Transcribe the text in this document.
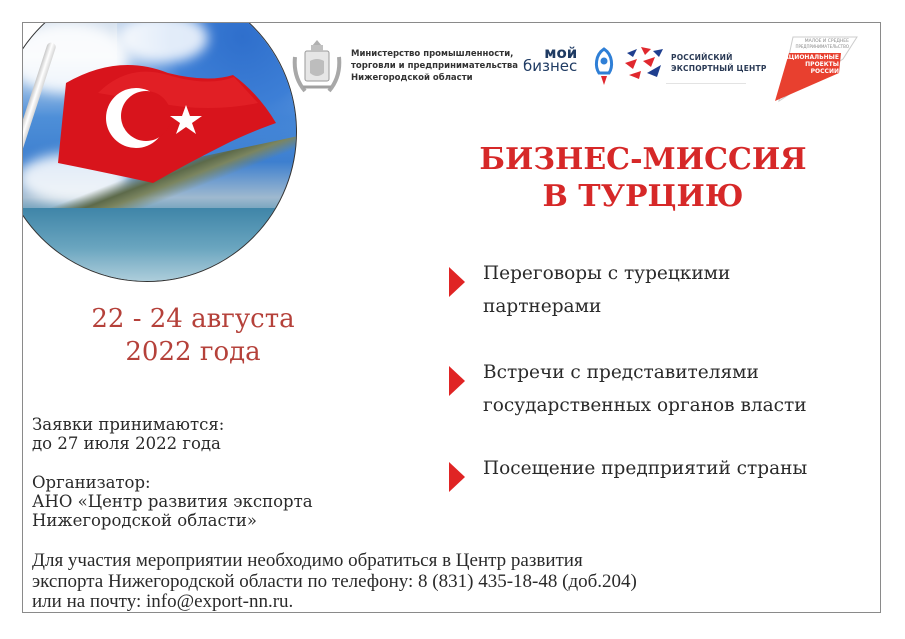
Министерство промышленности,
торговли и предпринимательства
Нижегородской области
мой
бизнес	РОССИЙСКИЙ
ЭКСПОРТНЫЙ ЦЕНТР
МАЛОЕ И СРЕДНЕЕ
ПРЕДПРИНИМАТЕЛЬСТВО
НАЦИОНАЛЬНЫЕ
ПРОЕКТЫ
РОССИИ
БИЗНЕС-МИССИЯ
В ТУРЦИЮ
Переговоры с турецкими
партнерами
Встречи с представителями
государственных органов власти
Посещение предприятий страны
22 - 24 августа
2022 года
Заявки принимаются:
до 27 июля 2022 года
Организатор:
АНО «Центр развития экспорта
Нижегородской области»
Для участия мероприятии необходимо обратиться в Центр развития
экспорта Нижегородской области по телефону: 8 (831) 435-18-48 (доб.204)
или на почту: info@export-nn.ru.
